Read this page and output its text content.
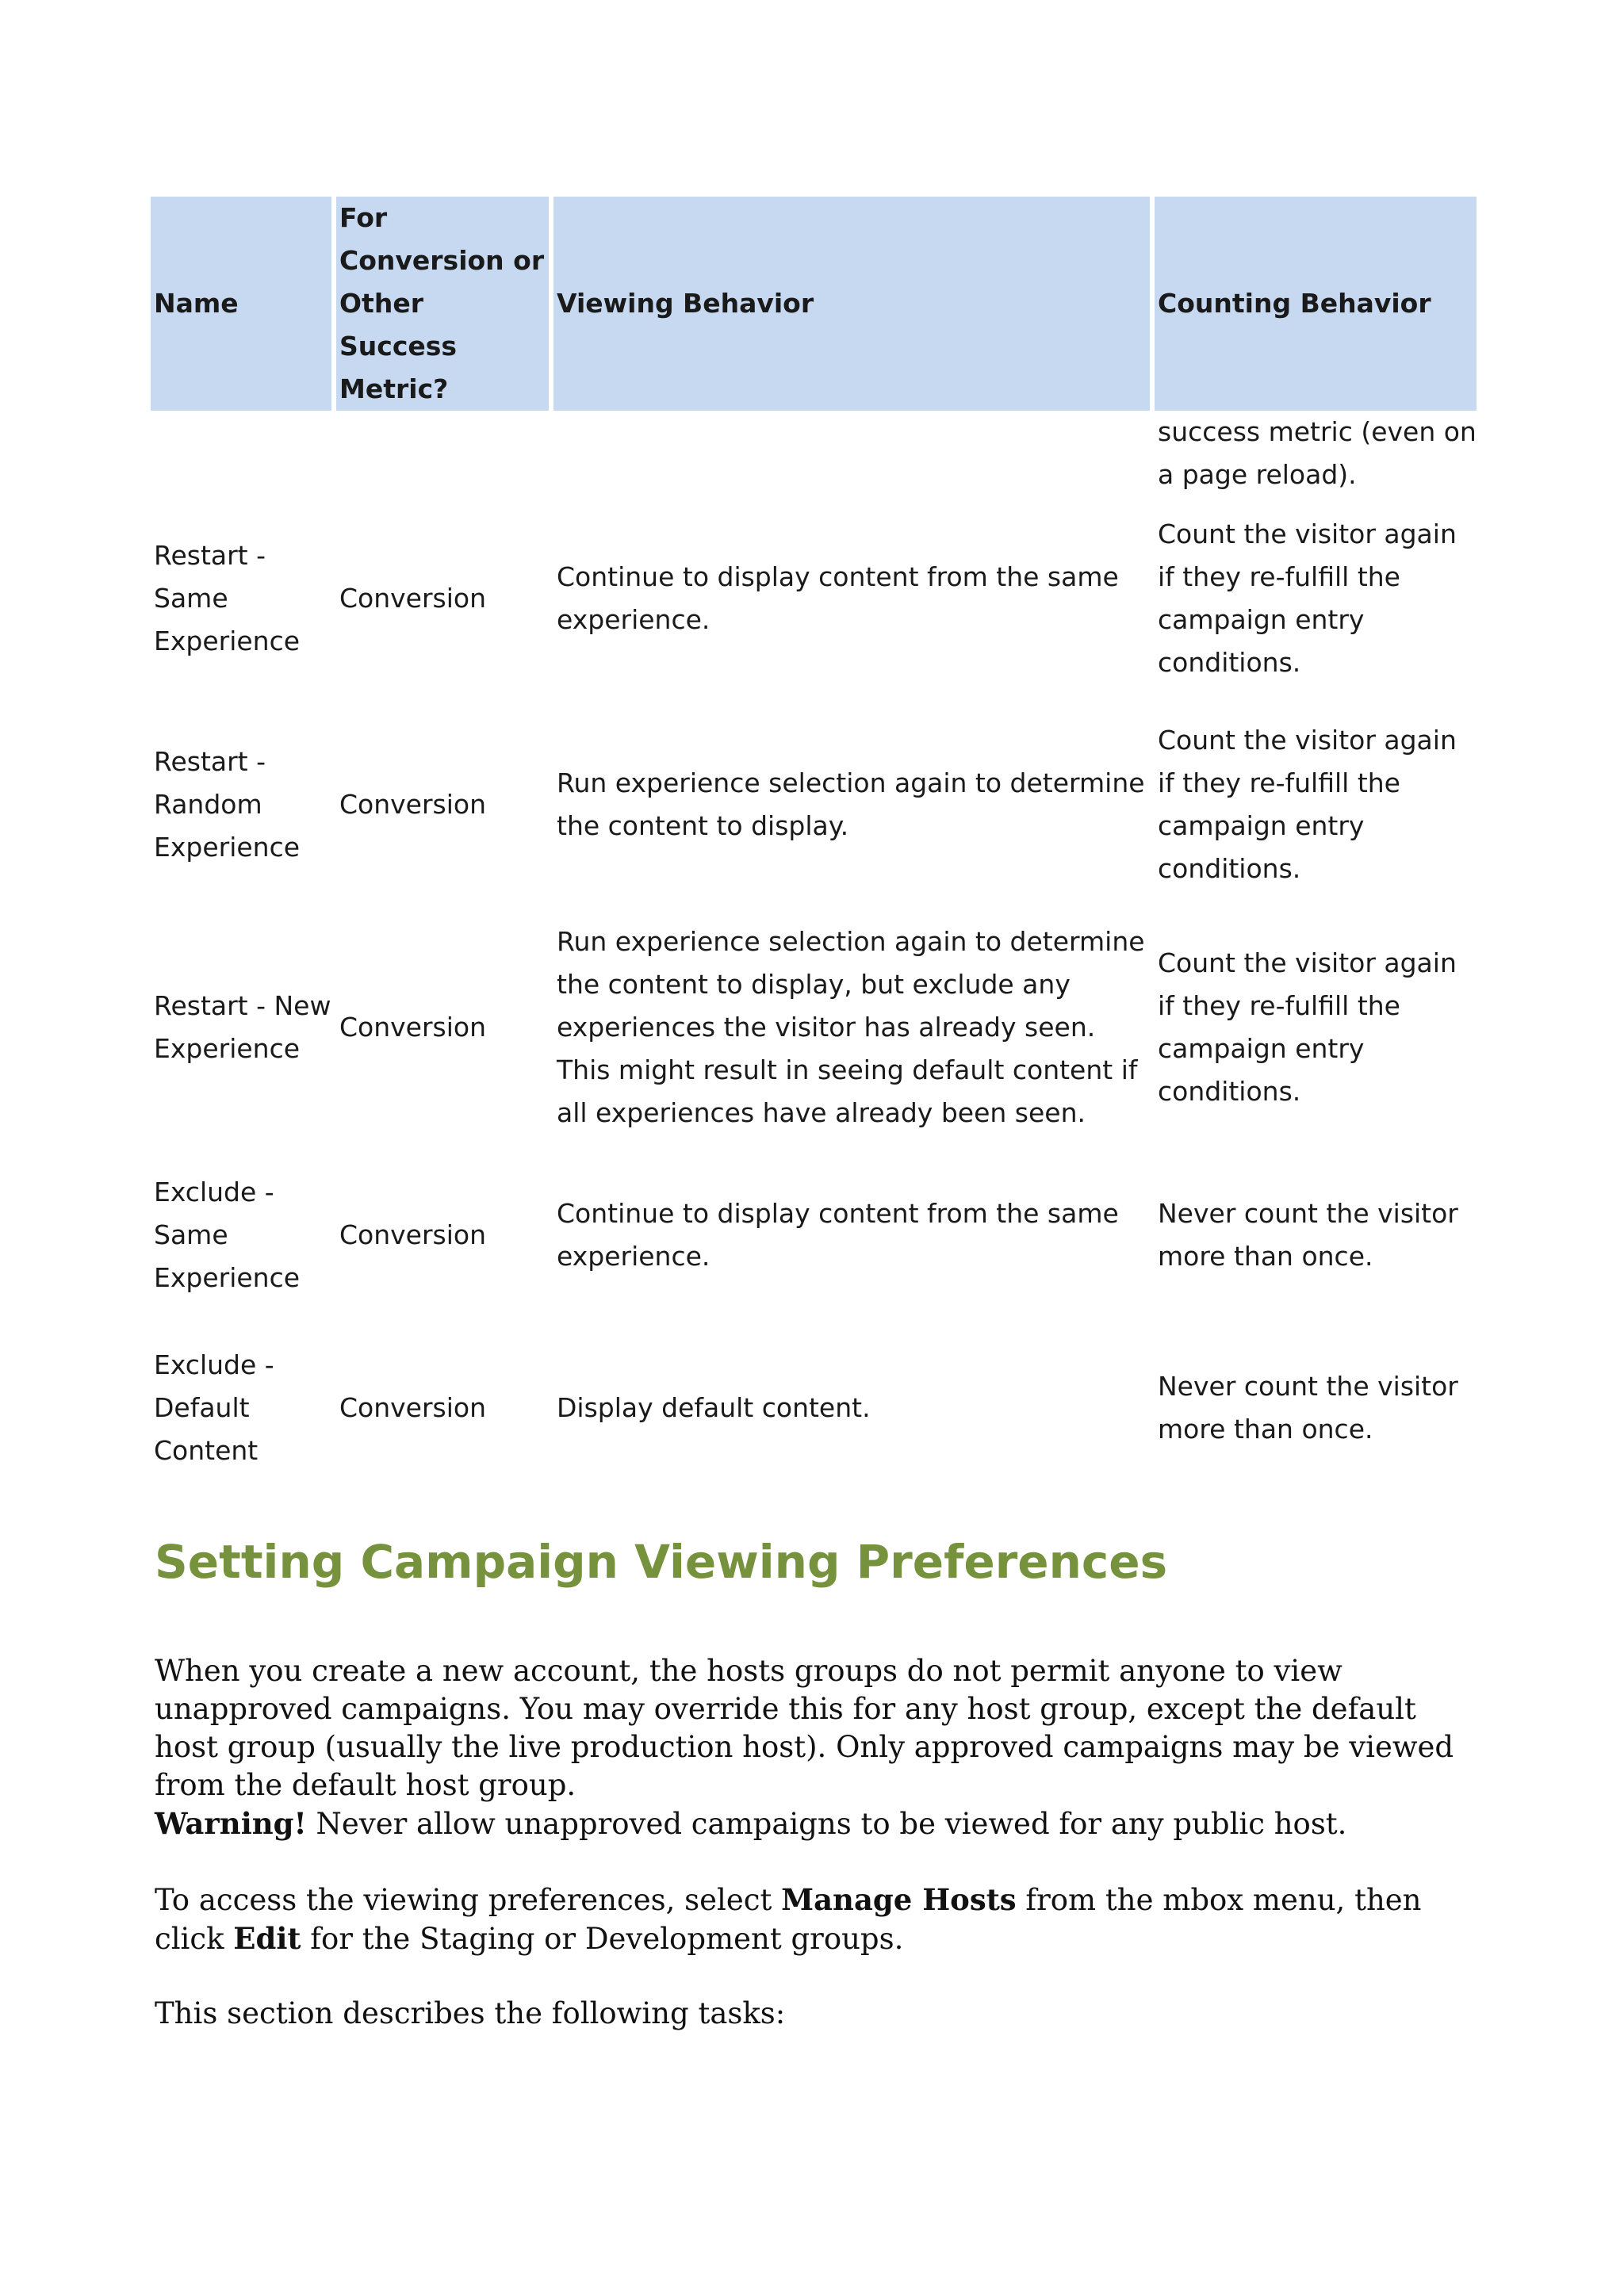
Name	For Conversion or Other Success Metric?	Viewing Behavior	Counting Behavior
			success metric (even on a page reload).
Restart - Same Experience	Conversion	Continue to display content from the same experience.	Count the visitor again if they re-fulfill the campaign entry conditions.
Restart - Random Experience	Conversion	Run experience selection again to determine the content to display.	Count the visitor again if they re-fulfill the campaign entry conditions.
Restart - New Experience	Conversion	Run experience selection again to determine the content to display, but exclude any experiences the visitor has already seen. This might result in seeing default content if all experiences have already been seen.	Count the visitor again if they re-fulfill the campaign entry conditions.
Exclude - Same Experience	Conversion	Continue to display content from the same experience.	Never count the visitor more than once.
Exclude - Default Content	Conversion	Display default content.	Never count the visitor more than once.
Setting Campaign Viewing Preferences

When you create a new account, the hosts groups do not permit anyone to view unapproved campaigns. You may override this for any host group, except the default host group (usually the live production host). Only approved campaigns may be viewed from the default host group.

Warning! Never allow unapproved campaigns to be viewed for any public host.

To access the viewing preferences, select Manage Hosts from the mbox menu, then click Edit for the Staging or Development groups.

This section describes the following tasks:
